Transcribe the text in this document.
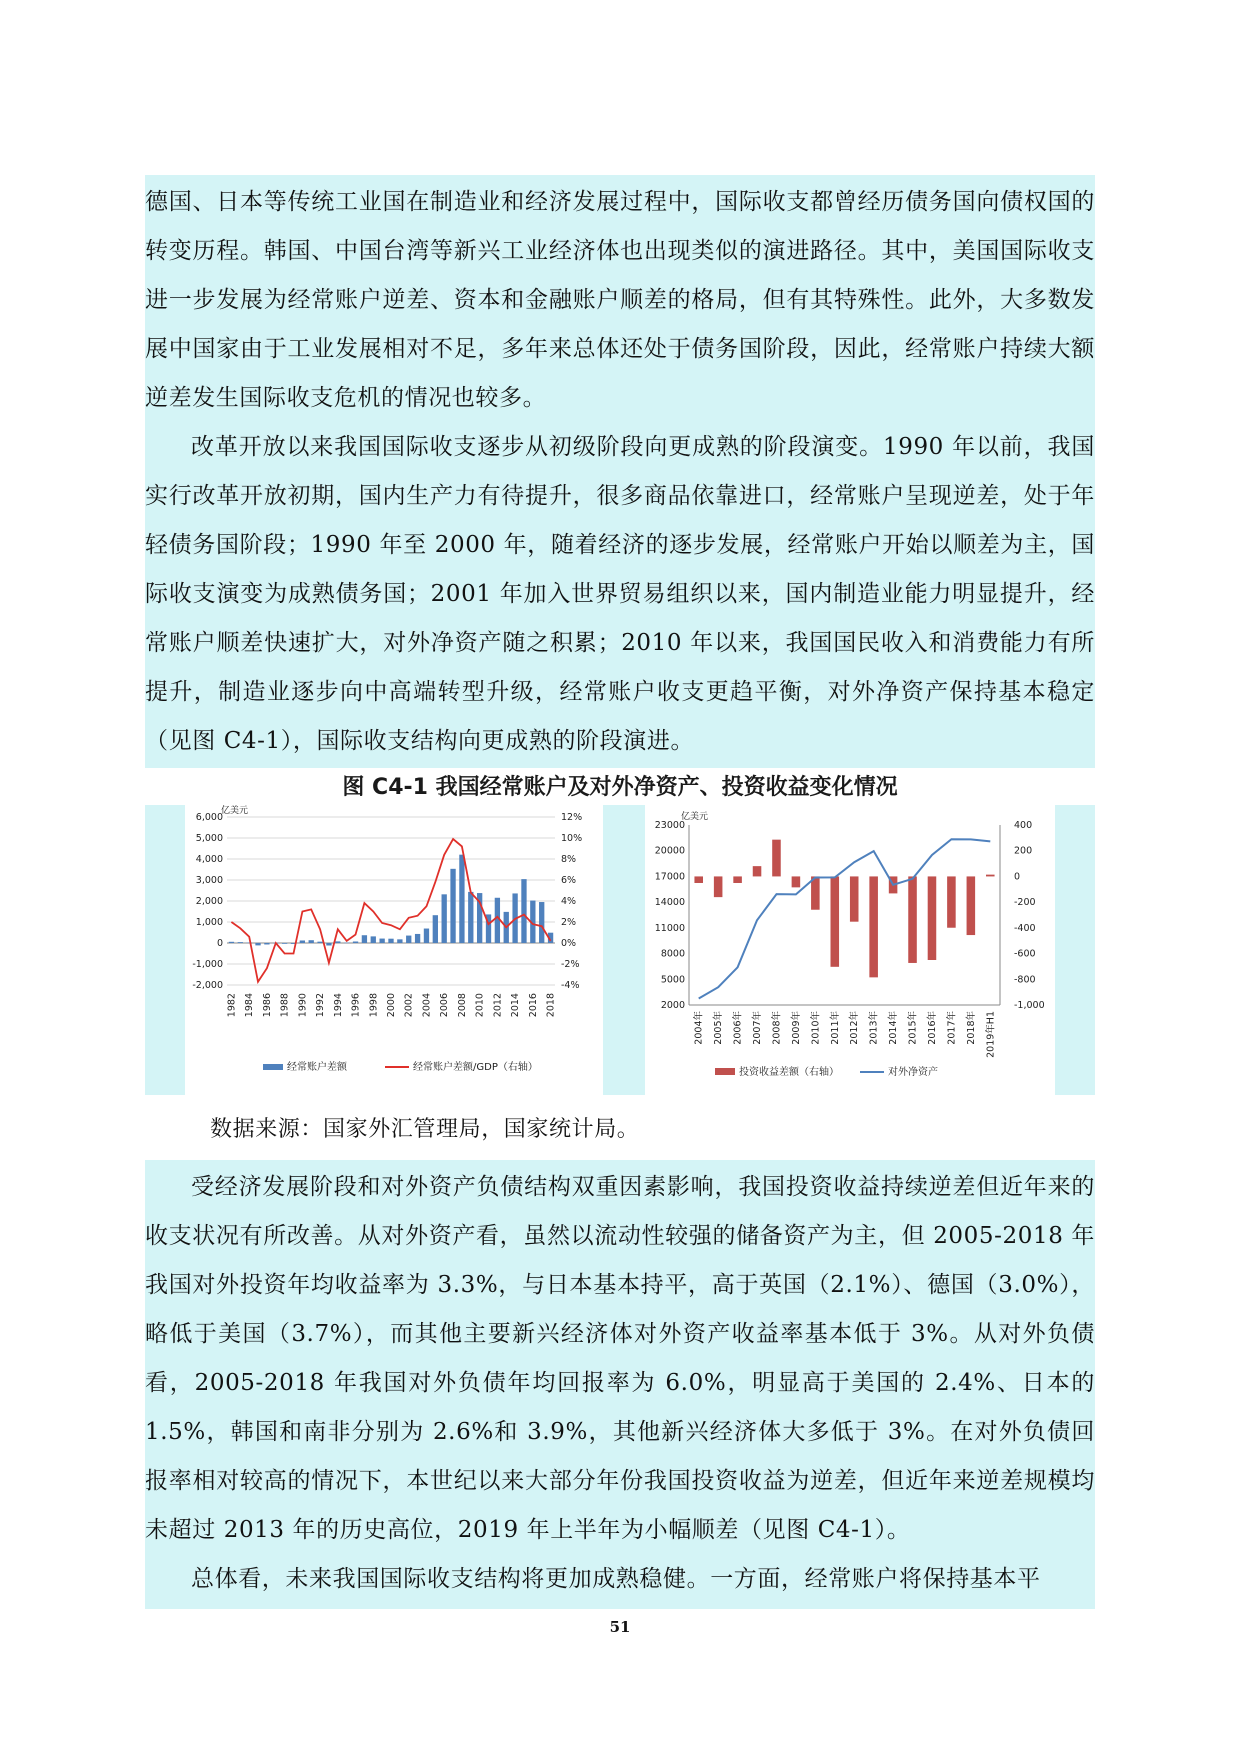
德国、日本等传统工业国在制造业和经济发展过程中，国际收支都曾经历债务国向债权国的转变历程。韩国、中国台湾等新兴工业经济体也出现类似的演进路径。其中，美国国际收支进一步发展为经常账户逆差、资本和金融账户顺差的格局，但有其特殊性。此外，大多数发展中国家由于工业发展相对不足，多年来总体还处于债务国阶段，因此，经常账户持续大额逆差发生国际收支危机的情况也较多。

改革开放以来我国国际收支逐步从初级阶段向更成熟的阶段演变。1990 年以前，我国实行改革开放初期，国内生产力有待提升，很多商品依靠进口，经常账户呈现逆差，处于年轻债务国阶段；1990 年至 2000 年，随着经济的逐步发展，经常账户开始以顺差为主，国际收支演变为成熟债务国；2001 年加入世界贸易组织以来，国内制造业能力明显提升，经常账户顺差快速扩大，对外净资产随之积累；2010 年以来，我国国民收入和消费能力有所提升，制造业逐步向中高端转型升级，经常账户收支更趋平衡，对外净资产保持基本稳定（见图 C4-1），国际收支结构向更成熟的阶段演进。

图 C4-1 我国经常账户及对外净资产、投资收益变化情况
亿美元
6,000
5,000
4,000
3,000
2,000
1,000
0
-1,000
-2,000
12%
10%
8%
6%
4%
2%
0%
-2%
-4%
1982 1984 1986 1988 1990 1992 1994 1996 1998 2000 2002 2004 2006 2008 2010 2012 2014 2016 2018
经常账户差额	经常账户差额/GDP（右轴）
亿美元
23000
20000
17000
14000
11000
8000
5000
2000
400
200
0
-200
-400
-600
-800
-1,000
2004年 2005年 2006年 2007年 2008年 2009年 2010年 2011年 2012年 2013年 2014年 2015年 2016年 2017年 2018年 2019年H1
投资收益差额（右轴）	对外净资产
数据来源：国家外汇管理局，国家统计局。

受经济发展阶段和对外资产负债结构双重因素影响，我国投资收益持续逆差但近年来的收支状况有所改善。从对外资产看，虽然以流动性较强的储备资产为主，但 2005-2018 年我国对外投资年均收益率为 3.3%，与日本基本持平，高于英国（2.1%）、德国（3.0%），略低于美国（3.7%），而其他主要新兴经济体对外资产收益率基本低于 3%。从对外负债看，2005-2018 年我国对外负债年均回报率为 6.0%，明显高于美国的 2.4%、日本的 1.5%，韩国和南非分别为 2.6%和 3.9%，其他新兴经济体大多低于 3%。在对外负债回报率相对较高的情况下，本世纪以来大部分年份我国投资收益为逆差，但近年来逆差规模均未超过 2013 年的历史高位，2019 年上半年为小幅顺差（见图 C4-1）。

总体看，未来我国国际收支结构将更加成熟稳健。一方面，经常账户将保持基本平

51
